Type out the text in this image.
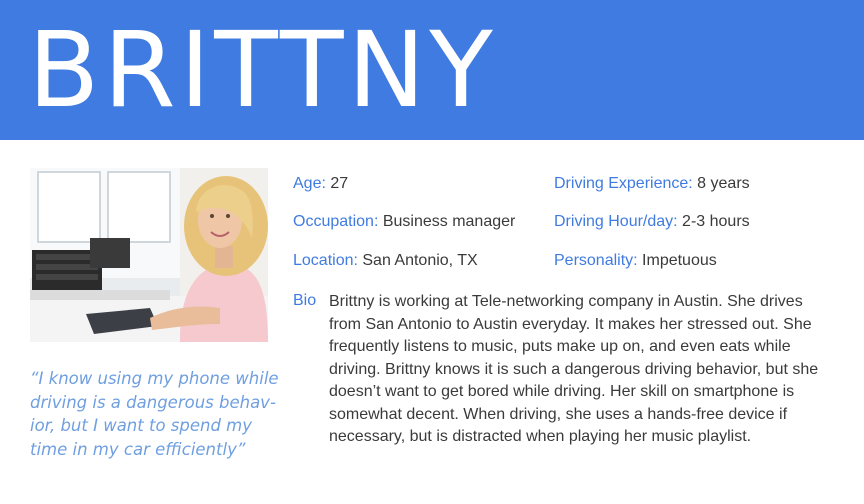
BRITTNY
“I know using my phone while driving is a dangerous behav-ior, but I want to spend my time in my car efficiently”
Age: 27
Occupation: Business manager
Location: San Antonio, TX
Driving Experience: 8 years
Driving Hour/day: 2-3 hours
Personality: Impetuous
Bio Brittny is working at Tele-networking company in Austin. She drives from San Antonio to Austin everyday. It makes her stressed out. She frequently listens to music, puts make up on, and even eats while driving. Brittny knows it is such a dangerous driving behavior, but she doesn’t want to get bored while driving. Her skill on smartphone is somewhat decent. When driving, she uses a hands-free device if necessary, but is distracted when playing her music playlist.
